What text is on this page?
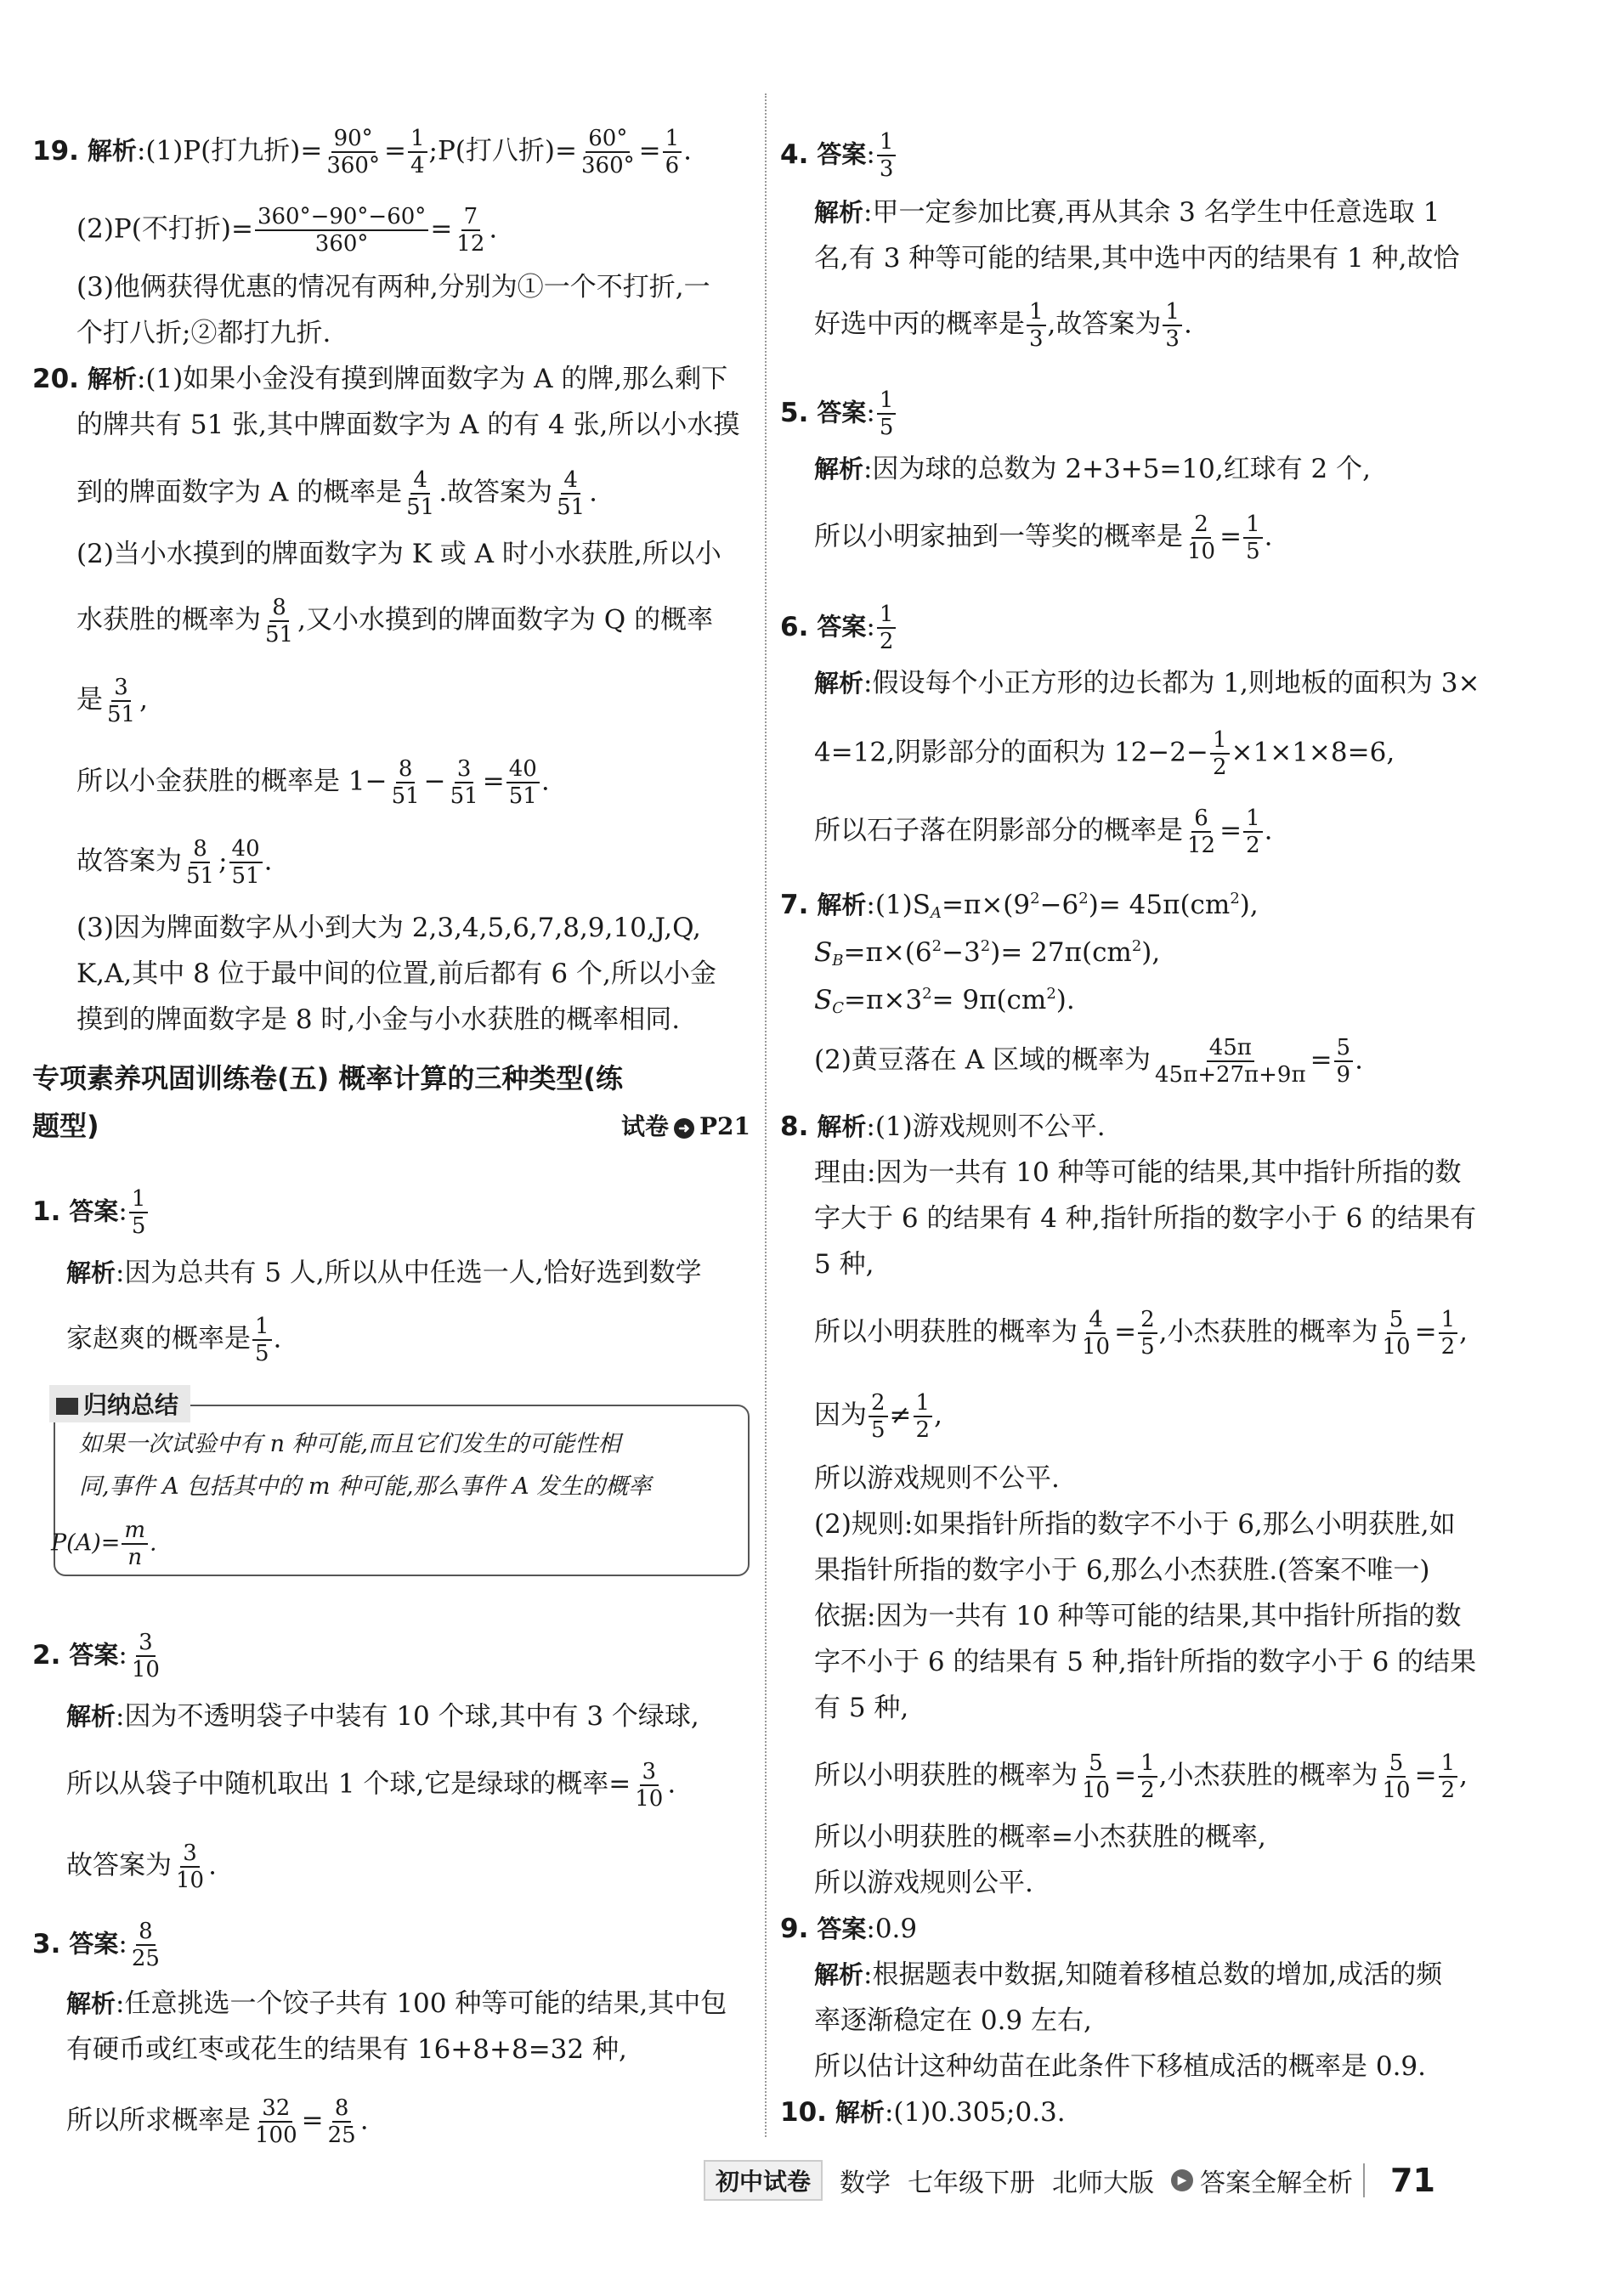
19. 解析:(1)P(打九折)= $\frac{90^\circ}{360^\circ} = \frac{1}{4}$ ;P(打八折)= $\frac{60^\circ}{360^\circ} = \frac{1}{6}$ .
(2)P(不打折)= $\frac{360^\circ-90^\circ-60^\circ}{360^\circ} = \frac{7}{12}$ .
(3)他俩获得优惠的情况有两种,分别为①一个不打折,一
个打八折;②都打九折.
20. 解析:(1)如果小金没有摸到牌面数字为 A 的牌,那么剩下
的牌共有 51 张,其中牌面数字为 A 的有 4 张,所以小水摸
到的牌面数字为 A 的概率是 $\frac{4}{51}$ .故答案为 $\frac{4}{51}$ .
(2)当小水摸到的牌面数字为 K 或 A 时小水获胜,所以小
水获胜的概率为 $\frac{8}{51}$ ,又小水摸到的牌面数字为 Q 的概率
是 $\frac{3}{51}$ ,
所以小金获胜的概率是 $1- \frac{8}{51} - \frac{3}{51} = \frac{40}{51}$ .
故答案为 $\frac{8}{51}$ ; $\frac{40}{51}$ .
(3)因为牌面数字从小到大为 2,3,4,5,6,7,8,9,10,J,Q,
K,A,其中 8 位于最中间的位置,前后都有 6 个,所以小金
摸到的牌面数字是 8 时,小金与小水获胜的概率相同.
专项素养巩固训练卷(五) 概率计算的三种类型(练
题型)	试卷 ➜ P21
1. 答案: $\frac{1}{5}$
解析:因为总共有 5 人,所以从中任选一人,恰好选到数学
家赵爽的概率是 $\frac{1}{5}$ .
归纳总结
如果一次试验中有 n 种可能,而且它们发生的可能性相
同,事件 A 包括其中的 m 种可能,那么事件 A 发生的概率
$P(A)= \frac{m}{n}$ .
2. 答案: $\frac{3}{10}$
解析:因为不透明袋子中装有 10 个球,其中有 3 个绿球,
所以从袋子中随机取出 1 个球,它是绿球的概率= $\frac{3}{10}$ .
故答案为 $\frac{3}{10}$ .
3. 答案: $\frac{8}{25}$
解析:任意挑选一个饺子共有 100 种等可能的结果,其中包
有硬币或红枣或花生的结果有 16+8+8=32 种,
所以所求概率是 $\frac{32}{100} = \frac{8}{25}$ .
4. 答案: $\frac{1}{3}$
解析:甲一定参加比赛,再从其余 3 名学生中任意选取 1
名,有 3 种等可能的结果,其中选中丙的结果有 1 种,故恰
好选中丙的概率是 $\frac{1}{3}$ ,故答案为 $\frac{1}{3}$ .
5. 答案: $\frac{1}{5}$
解析:因为球的总数为 2+3+5=10,红球有 2 个,
所以小明家抽到一等奖的概率是 $\frac{2}{10} = \frac{1}{5}$ .
6. 答案: $\frac{1}{2}$
解析:假设每个小正方形的边长都为 1,则地板的面积为 3×
4=12,阴影部分的面积为 $12-2- \frac{1}{2} \times 1\times 1\times 8=6$,
所以石子落在阴影部分的概率是 $\frac{6}{12} = \frac{1}{2}$ .
7. 解析$:(1)S_A=\pi\times(9^2-6^2)= 45\pi(cm^2)$,
$S_B=\pi\times(6^2-3^2)= 27\pi(cm^2)$,
$S_C=\pi\times 3^2= 9\pi(cm^2)$.
(2)黄豆落在 A 区域的概率为 $\frac{45\pi}{45\pi+27\pi+9\pi} = \frac{5}{9}$ .
8. 解析:(1)游戏规则不公平.
理由:因为一共有 10 种等可能的结果,其中指针所指的数
字大于 6 的结果有 4 种,指针所指的数字小于 6 的结果有
5 种,
所以小明获胜的概率为 $\frac{4}{10} = \frac{2}{5}$ ,小杰获胜的概率为 $\frac{5}{10} = \frac{1}{2}$ ,
因为 $\frac{2}{5} \ne \frac{1}{2}$ ,
所以游戏规则不公平.
(2)规则:如果指针所指的数字不小于 6,那么小明获胜,如
果指针所指的数字小于 6,那么小杰获胜.(答案不唯一)
依据:因为一共有 10 种等可能的结果,其中指针所指的数
字不小于 6 的结果有 5 种,指针所指的数字小于 6 的结果
有 5 种,
所以小明获胜的概率为 $\frac{5}{10} = \frac{1}{2}$ ,小杰获胜的概率为 $\frac{5}{10} = \frac{1}{2}$ ,
所以小明获胜的概率=小杰获胜的概率,
所以游戏规则公平.
9. 答案:0.9
解析:根据题表中数据,知随着移植总数的增加,成活的频
率逐渐稳定在 0.9 左右,
所以估计这种幼苗在此条件下移植成活的概率是 0.9.
10. 解析:(1)0.305;0.3.
初中试卷	数学 七年级下册 北师大版	▶ 答案全解全析 71
